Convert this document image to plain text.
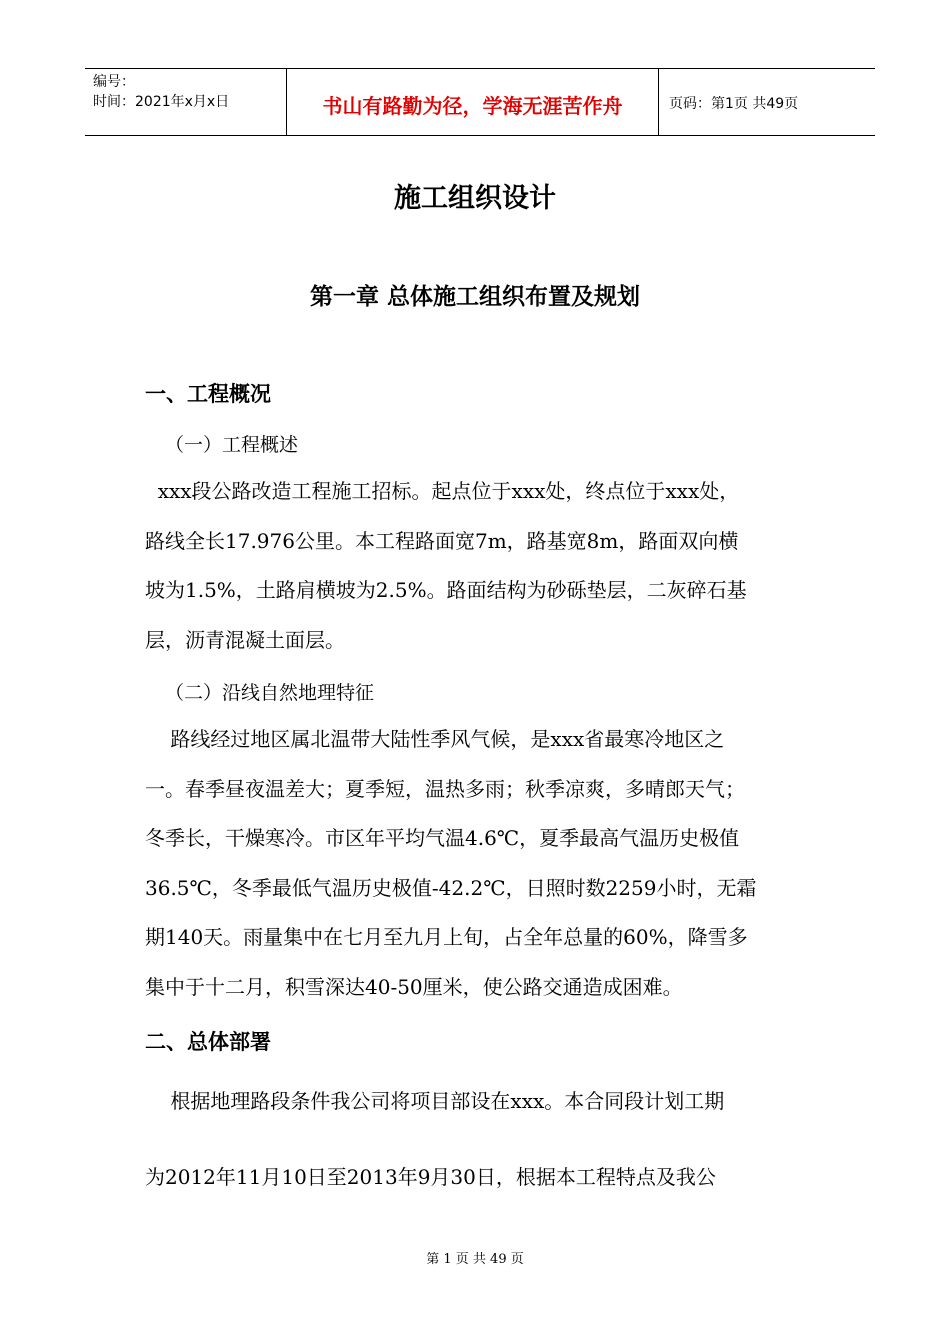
编号：
时间：2021年x月x日	书山有路勤为径，学海无涯苦作舟	页码：第1页 共49页
施工组织设计
第一章 总体施工组织布置及规划
一、工程概况
（一）工程概述
xxx段公路改造工程施工招标。起点位于xxx处，终点位于xxx处，
路线全长17.976公里。本工程路面宽7m，路基宽8m，路面双向横
坡为1.5%，土路肩横坡为2.5%。路面结构为砂砾垫层，二灰碎石基
层，沥青混凝土面层。
（二）沿线自然地理特征
路线经过地区属北温带大陆性季风气候，是xxx省最寒冷地区之
一。春季昼夜温差大；夏季短，温热多雨；秋季凉爽，多晴郎天气；
冬季长，干燥寒冷。市区年平均气温4.6℃，夏季最高气温历史极值
36.5℃，冬季最低气温历史极值-42.2℃，日照时数2259小时，无霜
期140天。雨量集中在七月至九月上旬，占全年总量的60%，降雪多
集中于十二月，积雪深达40-50厘米，使公路交通造成困难。
二、总体部署
根据地理路段条件我公司将项目部设在xxx。本合同段计划工期
为2012年11月10日至2013年9月30日，根据本工程特点及我公
第 1 页 共 49 页
